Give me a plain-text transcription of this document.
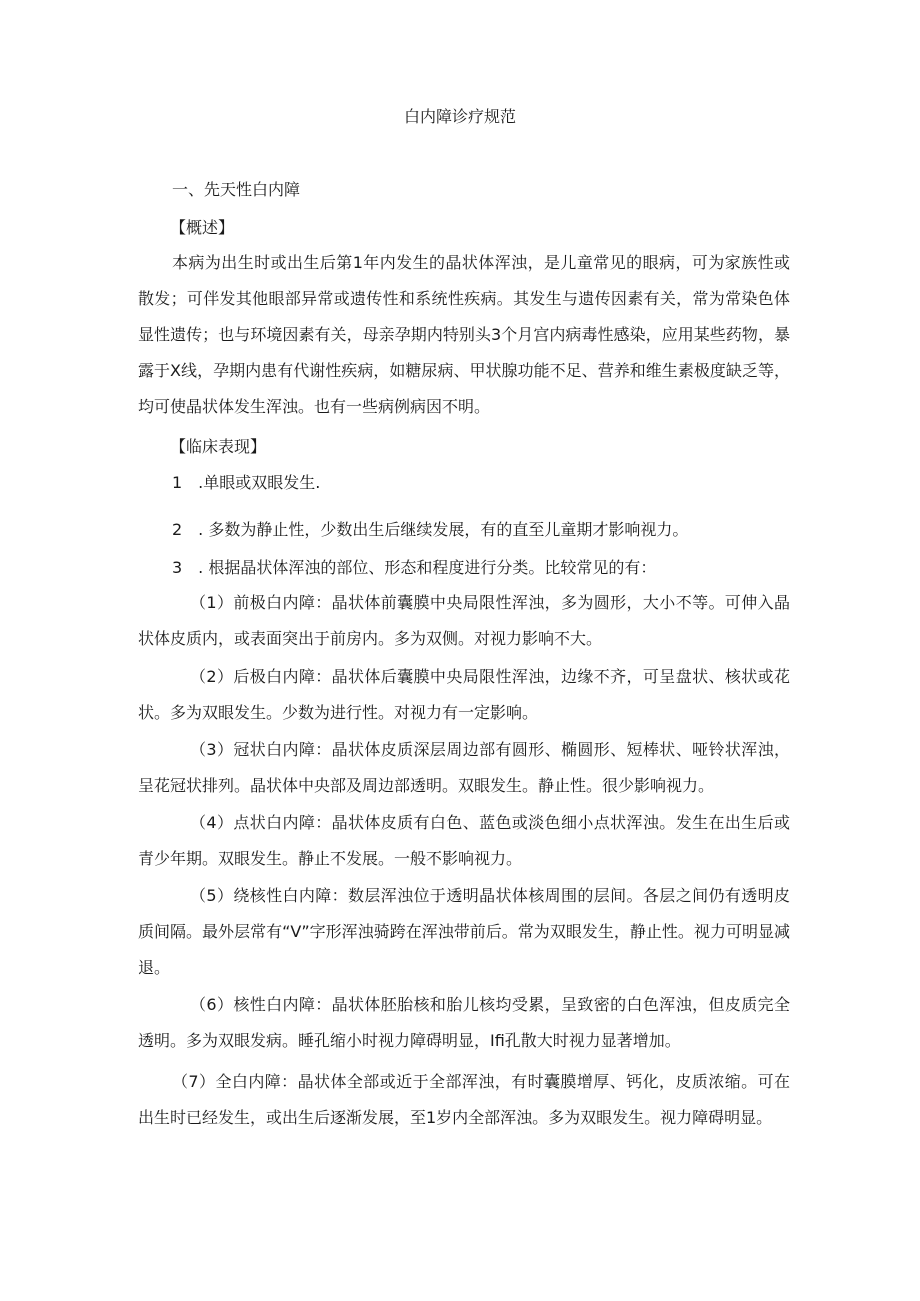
白内障诊疗规范
一、先天性白内障
【概述】
本病为出生时或出生后第1年内发生的晶状体浑浊，是儿童常见的眼病，可为家族性或散发；可伴发其他眼部异常或遗传性和系统性疾病。其发生与遗传因素有关，常为常染色体显性遗传；也与环境因素有关，母亲孕期内特别头3个月宫内病毒性感染，应用某些药物，暴露于X线，孕期内患有代谢性疾病，如糖尿病、甲状腺功能不足、营养和维生素极度缺乏等，均可使晶状体发生浑浊。也有一些病例病因不明。
【临床表现】
1　.单眼或双眼发生.
2　. 多数为静止性，少数出生后继续发展，有的直至儿童期才影响视力。
3　. 根据晶状体浑浊的部位、形态和程度进行分类。比较常见的有：
（1）前极白内障：晶状体前囊膜中央局限性浑浊，多为圆形，大小不等。可伸入晶状体皮质内，或表面突出于前房内。多为双侧。对视力影响不大。
（2）后极白内障：晶状体后囊膜中央局限性浑浊，边缘不齐，可呈盘状、核状或花状。多为双眼发生。少数为进行性。对视力有一定影响。
（3）冠状白内障：晶状体皮质深层周边部有圆形、椭圆形、短棒状、哑铃状浑浊，呈花冠状排列。晶状体中央部及周边部透明。双眼发生。静止性。很少影响视力。
（4）点状白内障：晶状体皮质有白色、蓝色或淡色细小点状浑浊。发生在出生后或青少年期。双眼发生。静止不发展。一般不影响视力。
（5）绕核性白内障：数层浑浊位于透明晶状体核周围的层间。各层之间仍有透明皮质间隔。最外层常有“V”字形浑浊骑跨在浑浊带前后。常为双眼发生，静止性。视力可明显减退。
（6）核性白内障：晶状体胚胎核和胎儿核均受累，呈致密的白色浑浊，但皮质完全透明。多为双眼发病。睡孔缩小时视力障碍明显，Ifi孔散大时视力显著增加。
（7）全白内障：晶状体全部或近于全部浑浊，有时囊膜增厚、钙化，皮质浓缩。可在出生时已经发生，或出生后逐渐发展，至1岁内全部浑浊。多为双眼发生。视力障碍明显。
